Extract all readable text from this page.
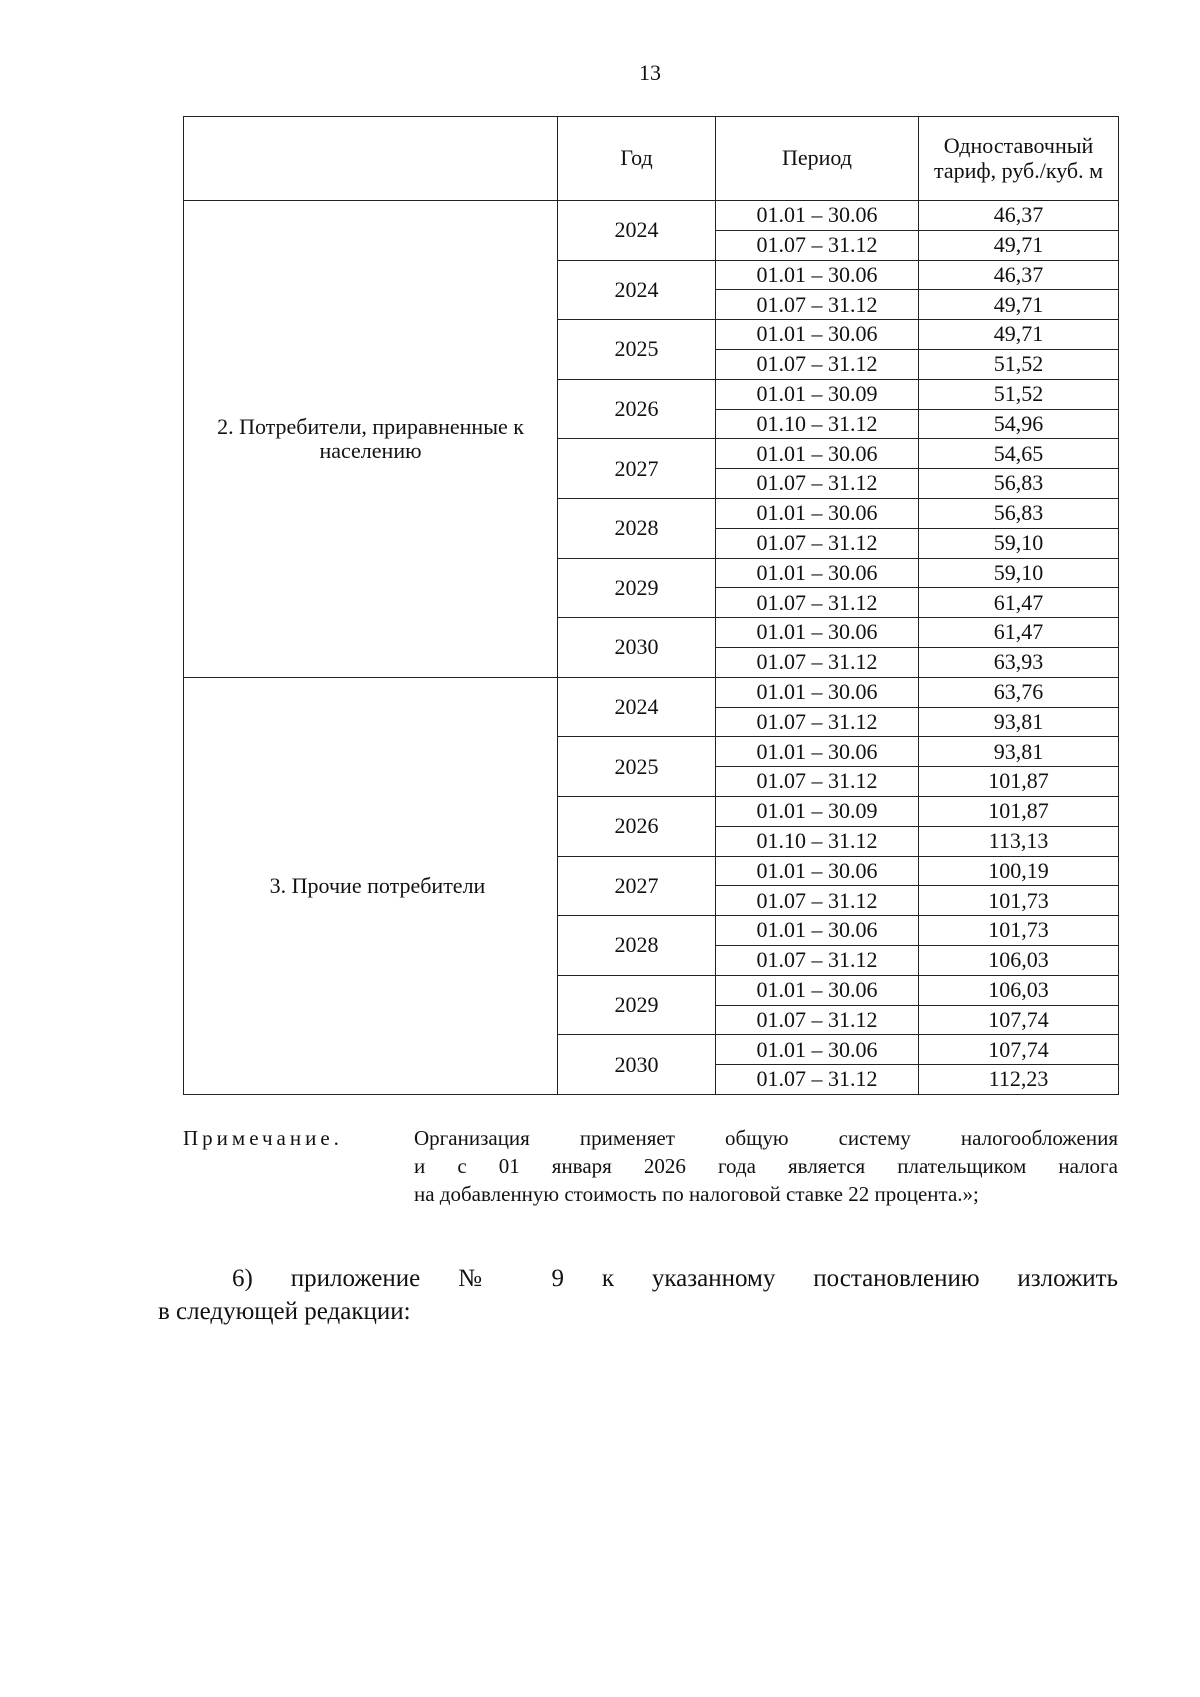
13
	Год	Период	Одноставочный тариф, руб./куб. м
2. Потребители, приравненные к населению	2024	01.01 – 30.06	46,37
		01.07 – 31.12	49,71
	2024	01.01 – 30.06	46,37
		01.07 – 31.12	49,71
	2025	01.01 – 30.06	49,71
		01.07 – 31.12	51,52
	2026	01.01 – 30.09	51,52
		01.10 – 31.12	54,96
	2027	01.01 – 30.06	54,65
		01.07 – 31.12	56,83
	2028	01.01 – 30.06	56,83
		01.07 – 31.12	59,10
	2029	01.01 – 30.06	59,10
		01.07 – 31.12	61,47
	2030	01.01 – 30.06	61,47
		01.07 – 31.12	63,93
3. Прочие потребители	2024	01.01 – 30.06	63,76
		01.07 – 31.12	93,81
	2025	01.01 – 30.06	93,81
		01.07 – 31.12	101,87
	2026	01.01 – 30.09	101,87
		01.10 – 31.12	113,13
	2027	01.01 – 30.06	100,19
		01.07 – 31.12	101,73
	2028	01.01 – 30.06	101,73
		01.07 – 31.12	106,03
	2029	01.01 – 30.06	106,03
		01.07 – 31.12	107,74
	2030	01.01 – 30.06	107,74
		01.07 – 31.12	112,23
Примечание.	Организация применяет общую систему налогообложения
и с 01 января 2026 года является плательщиком налога
на добавленную стоимость по налоговой ставке 22 процента.»;
6) приложение № 9 к указанному постановлению изложить
в следующей редакции:
